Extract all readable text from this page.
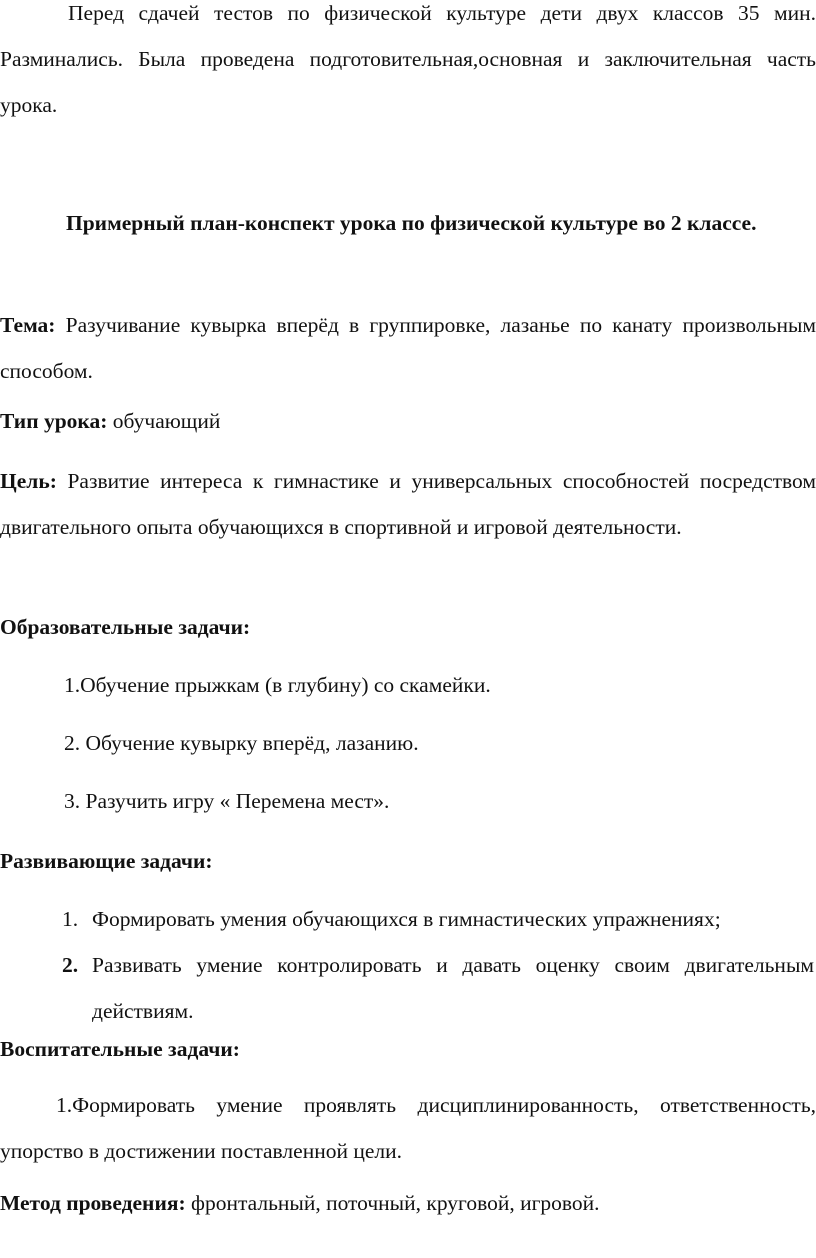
Перед сдачей тестов по физической культуре дети двух классов 35 мин. Разминались. Была проведена подготовительная,основная и заключительная часть урока.

Примерный план-конспект урока по физической культуре во 2 классе.

Тема: Разучивание кувырка вперёд в группировке, лазанье по канату произвольным способом.

Тип урока: обучающий

Цель: Развитие интереса к гимнастике и универсальных способностей посредством двигательного опыта обучающихся в спортивной и игровой деятельности.

Образовательные задачи:

1.Обучение прыжкам (в глубину) со скамейки.

2. Обучение кувырку вперёд, лазанию.

3. Разучить игру « Перемена мест».

Развивающие задачи:

1. Формировать умения обучающихся в гимнастических упражнениях;
2. Развивать умение контролировать и давать оценку своим двигательным действиям.

Воспитательные задачи:

1.Формировать умение проявлять дисциплинированность, ответственность, упорство в достижении поставленной цели.

Метод проведения: фронтальный, поточный, круговой, игровой.
